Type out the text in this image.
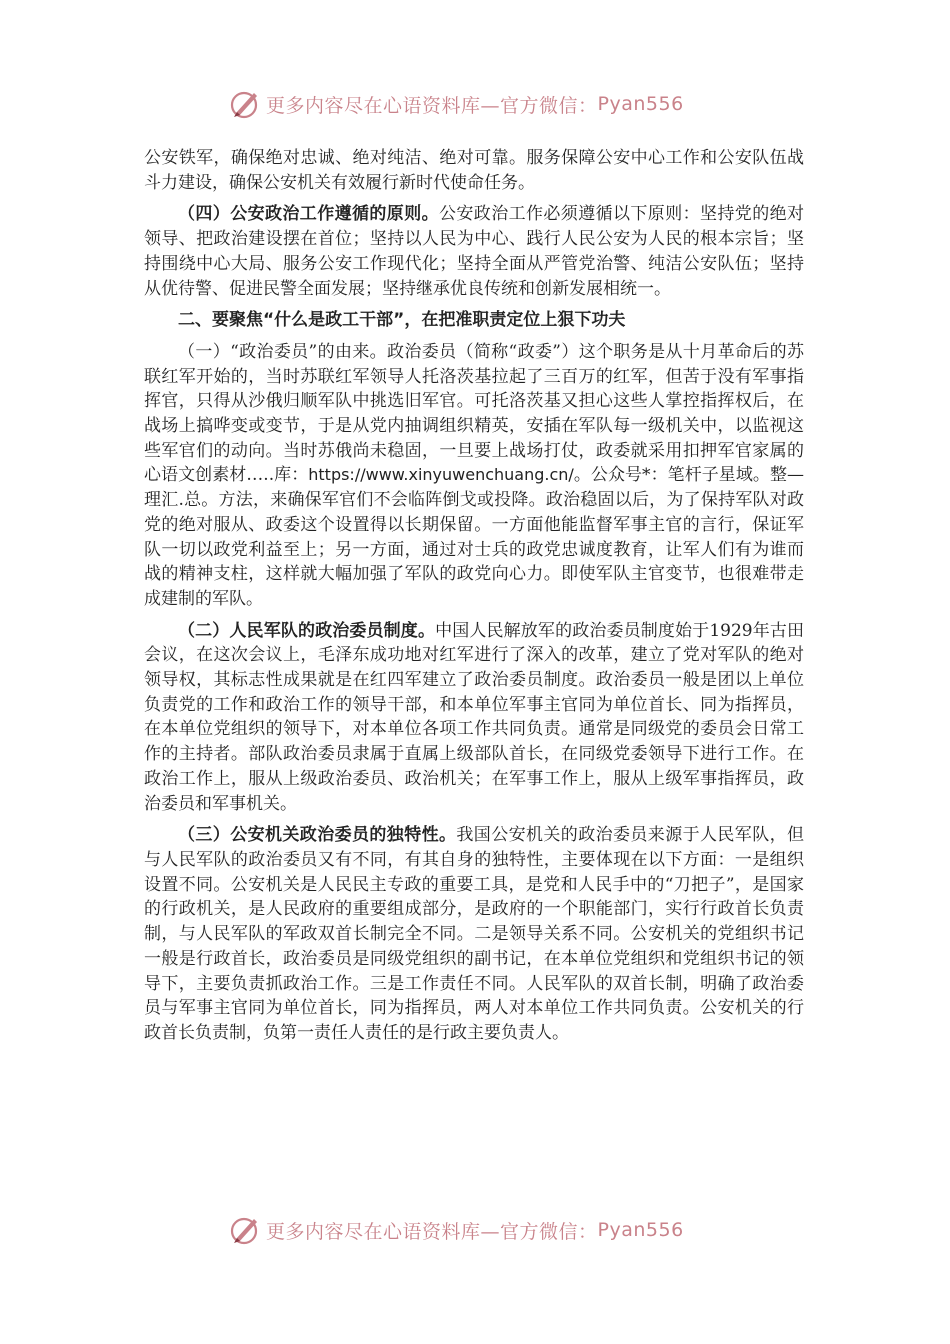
更多内容尽在心语资料库—官方微信： Pyan556

公安铁军，确保绝对忠诚、绝对纯洁、绝对可靠。服务保障公安中心工作和公安队伍战斗力建设，确保公安机关有效履行新时代使命任务。

（四）公安政治工作遵循的原则。公安政治工作必须遵循以下原则：坚持党的绝对领导、把政治建设摆在首位；坚持以人民为中心、践行人民公安为人民的根本宗旨；坚持围绕中心大局、服务公安工作现代化；坚持全面从严管党治警、纯洁公安队伍；坚持从优待警、促进民警全面发展；坚持继承优良传统和创新发展相统一。

二、要聚焦“什么是政工干部”，在把准职责定位上狠下功夫

（一）“政治委员”的由来。政治委员（简称“政委”）这个职务是从十月革命后的苏联红军开始的，当时苏联红军领导人托洛茨基拉起了三百万的红军，但苦于没有军事指挥官，只得从沙俄归顺军队中挑选旧军官。可托洛茨基又担心这些人掌控指挥权后，在战场上搞哗变或变节，于是从党内抽调组织精英，安插在军队每一级机关中，以监视这些军官们的动向。当时苏俄尚未稳固，一旦要上战场打仗，政委就采用扣押军官家属的心语文创素材…..库：https://www.xinyuwenchuang.cn/。公众号*：笔杆子星域。整—理汇.总。方法，来确保军官们不会临阵倒戈或投降。政治稳固以后，为了保持军队对政党的绝对服从、政委这个设置得以长期保留。一方面他能监督军事主官的言行，保证军队一切以政党利益至上；另一方面，通过对士兵的政党忠诚度教育，让军人们有为谁而战的精神支柱，这样就大幅加强了军队的政党向心力。即使军队主官变节，也很难带走成建制的军队。

（二）人民军队的政治委员制度。中国人民解放军的政治委员制度始于1929年古田会议，在这次会议上，毛泽东成功地对红军进行了深入的改革，建立了党对军队的绝对领导权，其标志性成果就是在红四军建立了政治委员制度。政治委员一般是团以上单位负责党的工作和政治工作的领导干部，和本单位军事主官同为单位首长、同为指挥员，在本单位党组织的领导下，对本单位各项工作共同负责。通常是同级党的委员会日常工作的主持者。部队政治委员隶属于直属上级部队首长，在同级党委领导下进行工作。在政治工作上，服从上级政治委员、政治机关；在军事工作上，服从上级军事指挥员，政治委员和军事机关。

（三）公安机关政治委员的独特性。我国公安机关的政治委员来源于人民军队，但与人民军队的政治委员又有不同，有其自身的独特性，主要体现在以下方面：一是组织设置不同。公安机关是人民民主专政的重要工具，是党和人民手中的“刀把子”，是国家的行政机关，是人民政府的重要组成部分，是政府的一个职能部门，实行行政首长负责制，与人民军队的军政双首长制完全不同。二是领导关系不同。公安机关的党组织书记一般是行政首长，政治委员是同级党组织的副书记，在本单位党组织和党组织书记的领导下，主要负责抓政治工作。三是工作责任不同。人民军队的双首长制，明确了政治委员与军事主官同为单位首长，同为指挥员，两人对本单位工作共同负责。公安机关的行政首长负责制，负第一责任人责任的是行政主要负责人。

更多内容尽在心语资料库—官方微信： Pyan556
